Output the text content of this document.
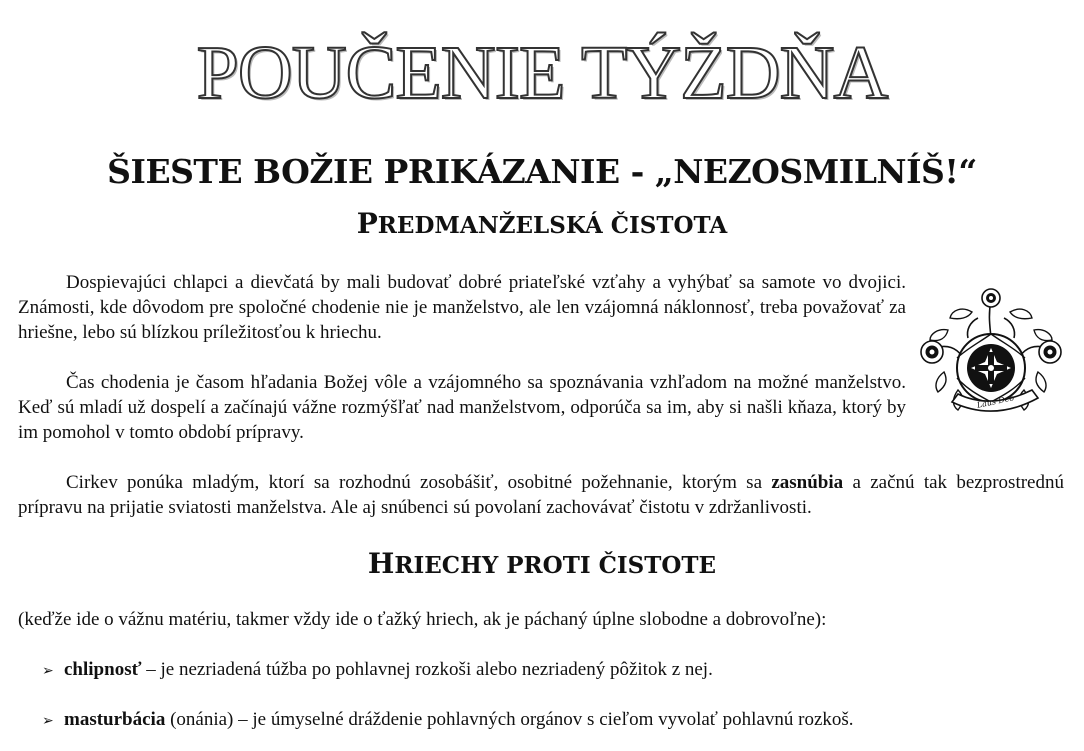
POUČENIE TÝŽDŇA
ŠIESTE BOŽIE PRIKÁZANIE - „NEZOSMILNÍŠ!“
PREDMANŽELSKÁ ČISTOTA

Dospievajúci chlapci a dievčatá by mali budovať dobré priateľské vzťahy a vyhýbať sa samote vo dvojici. Známosti, kde dôvodom pre spoločné chodenie nie je manželstvo, ale len vzájomná náklonnosť, treba považovať za hriešne, lebo sú blízkou príležitosťou k hriechu.

Čas chodenia je časom hľadania Božej vôle a vzájomného sa spoznávania vzhľadom na možné manželstvo. Keď sú mladí už dospelí a začínajú vážne rozmýšľať nad manželstvom, odporúča sa im, aby si našli kňaza, ktorý by im pomohol v tomto období prípravy.

Cirkev ponúka mladým, ktorí sa rozhodnú zosobášiť, osobitné požehnanie, ktorým sa zasnúbia a začnú tak bezprostrednú prípravu na prijatie sviatosti manželstva. Ale aj snúbenci sú povolaní zachovávať čistotu v zdržanlivosti.

HRIECHY PROTI ČISTOTE

(keďže ide o vážnu matériu, takmer vždy ide o ťažký hriech, ak je páchaný úplne slobodne a dobrovoľne):

➢ chlipnosť – je nezriadená túžba po pohlavnej rozkoši alebo nezriadený pôžitok z nej.

➢ masturbácia (onánia) – je úmyselné dráždenie pohlavných orgánov s cieľom vyvolať pohlavnú rozkoš.

Laus Deo
